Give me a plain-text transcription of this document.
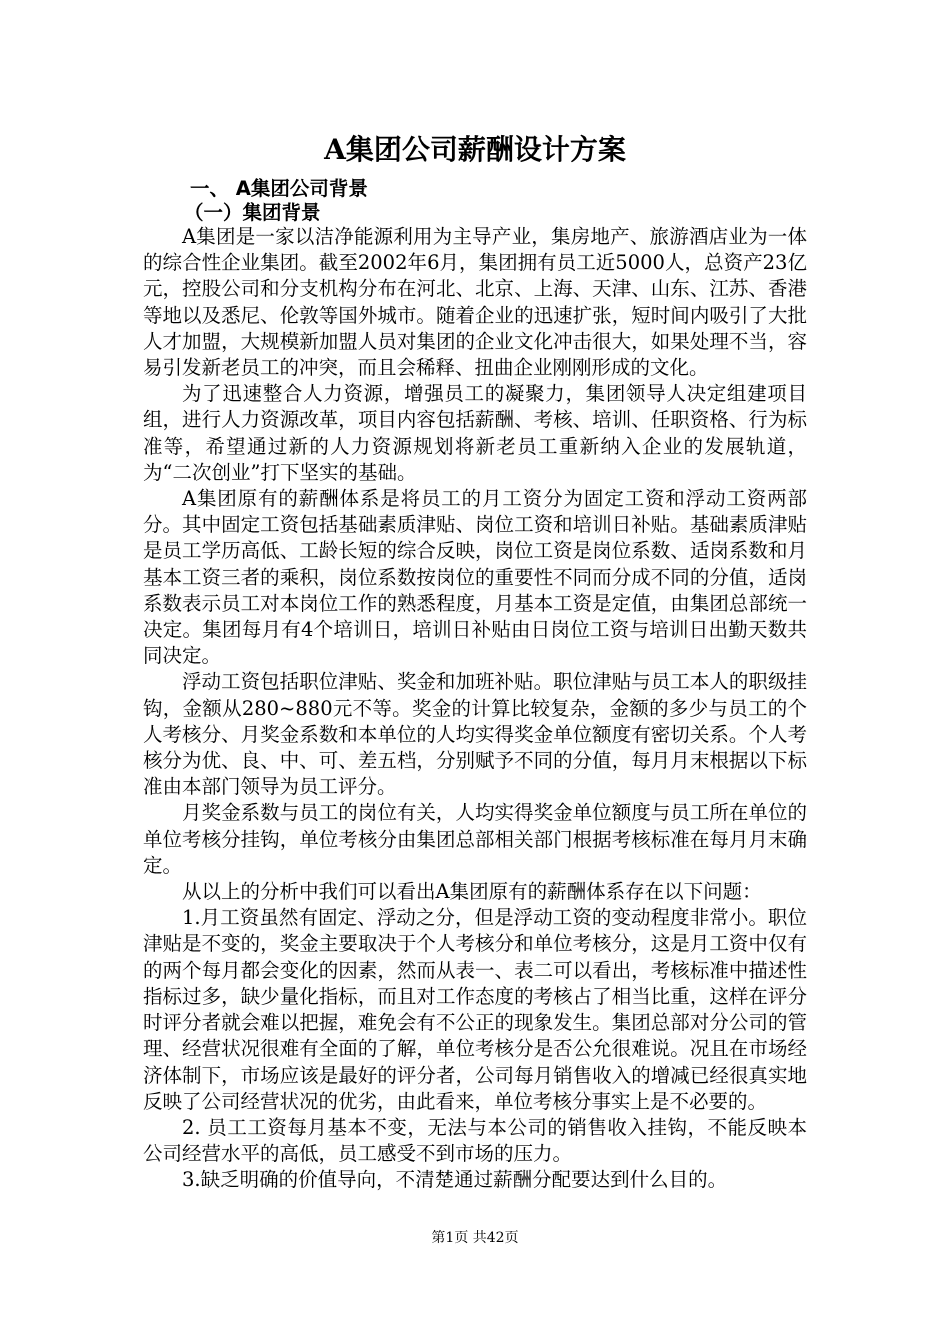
A集团公司薪酬设计方案
一、 A集团公司背景
（一）集团背景

A集团是一家以洁净能源利用为主导产业，集房地产、旅游酒店业为一体的综合性企业集团。截至2002年6月，集团拥有员工近5000人，总资产23亿元，控股公司和分支机构分布在河北、北京、上海、天津、山东、江苏、香港等地以及悉尼、伦敦等国外城市。随着企业的迅速扩张，短时间内吸引了大批人才加盟，大规模新加盟人员对集团的企业文化冲击很大，如果处理不当，容易引发新老员工的冲突，而且会稀释、扭曲企业刚刚形成的文化。

为了迅速整合人力资源，增强员工的凝聚力，集团领导人决定组建项目组，进行人力资源改革，项目内容包括薪酬、考核、培训、任职资格、行为标准等，希望通过新的人力资源规划将新老员工重新纳入企业的发展轨道，为“二次创业”打下坚实的基础。

A集团原有的薪酬体系是将员工的月工资分为固定工资和浮动工资两部分。其中固定工资包括基础素质津贴、岗位工资和培训日补贴。基础素质津贴是员工学历高低、工龄长短的综合反映，岗位工资是岗位系数、适岗系数和月基本工资三者的乘积，岗位系数按岗位的重要性不同而分成不同的分值，适岗系数表示员工对本岗位工作的熟悉程度，月基本工资是定值，由集团总部统一决定。集团每月有4个培训日，培训日补贴由日岗位工资与培训日出勤天数共同决定。

浮动工资包括职位津贴、奖金和加班补贴。职位津贴与员工本人的职级挂钩，金额从280~880元不等。奖金的计算比较复杂，金额的多少与员工的个人考核分、月奖金系数和本单位的人均实得奖金单位额度有密切关系。个人考核分为优、良、中、可、差五档，分别赋予不同的分值，每月月末根据以下标准由本部门领导为员工评分。

月奖金系数与员工的岗位有关，人均实得奖金单位额度与员工所在单位的单位考核分挂钩，单位考核分由集团总部相关部门根据考核标准在每月月末确定。

从以上的分析中我们可以看出A集团原有的薪酬体系存在以下问题：

1.月工资虽然有固定、浮动之分，但是浮动工资的变动程度非常小。职位津贴是不变的，奖金主要取决于个人考核分和单位考核分，这是月工资中仅有的两个每月都会变化的因素，然而从表一、表二可以看出，考核标准中描述性指标过多，缺少量化指标，而且对工作态度的考核占了相当比重，这样在评分时评分者就会难以把握，难免会有不公正的现象发生。集团总部对分公司的管理、经营状况很难有全面的了解，单位考核分是否公允很难说。况且在市场经济体制下，市场应该是最好的评分者，公司每月销售收入的增减已经很真实地反映了公司经营状况的优劣，由此看来，单位考核分事实上是不必要的。

2. 员工工资每月基本不变，无法与本公司的销售收入挂钩，不能反映本公司经营水平的高低，员工感受不到市场的压力。

3.缺乏明确的价值导向，不清楚通过薪酬分配要达到什么目的。

第1页 共42页
